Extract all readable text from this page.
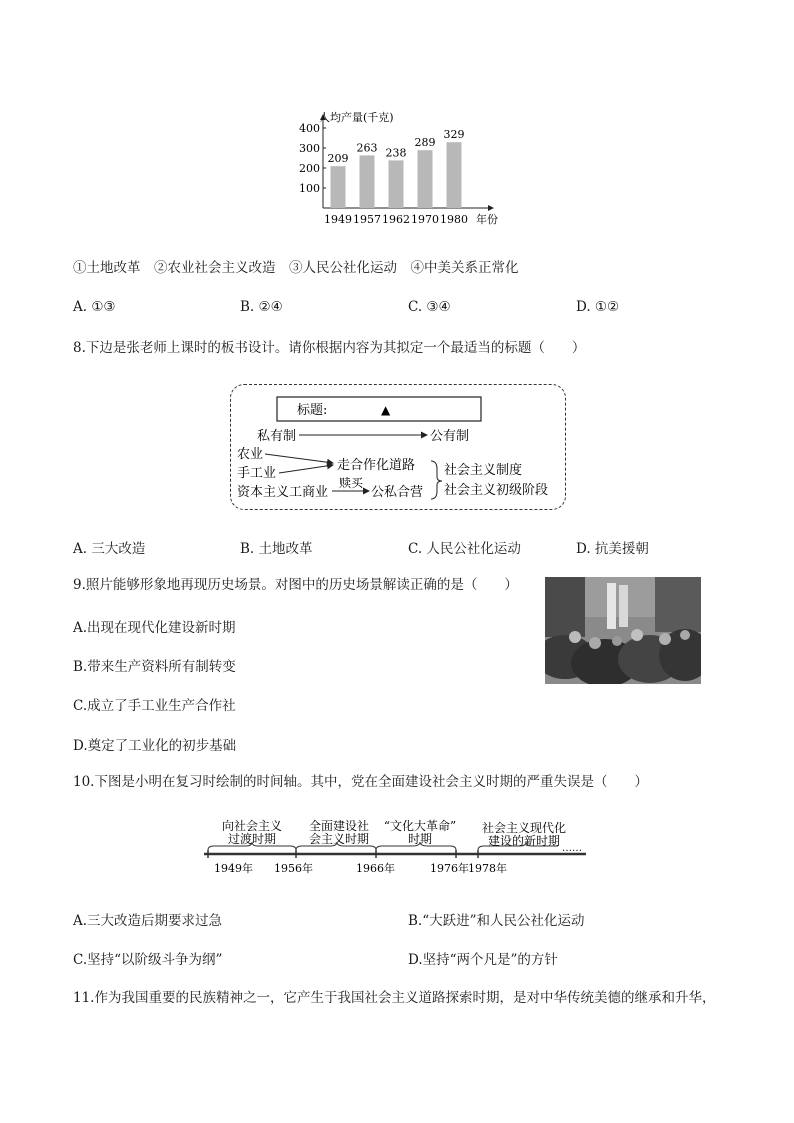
人均产量(千克)
100
200
300
400
209
1949
263
1957
238
1962
289
1970
329
1980 年份
①土地改革　②农业社会主义改造　③人民公社化运动　④中美关系正常化
A. ①③	B. ②④	C. ③④	D. ①②
8.下边是张老师上课时的板书设计。请你根据内容为其拟定一个最适当的标题（　　）
标题:	▲
私有制	公有制
农业
手工业
资本主义工商业
走合作化道路
赎买
公私合营
社会主义制度
社会主义初级阶段
A. 三大改造	B. 土地改革	C. 人民公社化运动	D. 抗美援朝
9.照片能够形象地再现历史场景。对图中的历史场景解读正确的是（　　）
A.出现在现代化建设新时期
B.带来生产资料所有制转变
C.成立了手工业生产合作社
D.奠定了工业化的初步基础
10.下图是小明在复习时绘制的时间轴。其中，党在全面建设社会主义时期的严重失误是（　　）
向社会主义
过渡时期
全面建设社
会主义时期
“文化大革命”
时期
社会主义现代化
建设的新时期
……
1949年 1956年	1966年	1976年 1978年
A.三大改造后期要求过急	B.“大跃进”和人民公社化运动
C.坚持“以阶级斗争为纲”	D.坚持“两个凡是”的方针
11.作为我国重要的民族精神之一，它产生于我国社会主义道路探索时期，是对中华传统美德的继承和升华，
